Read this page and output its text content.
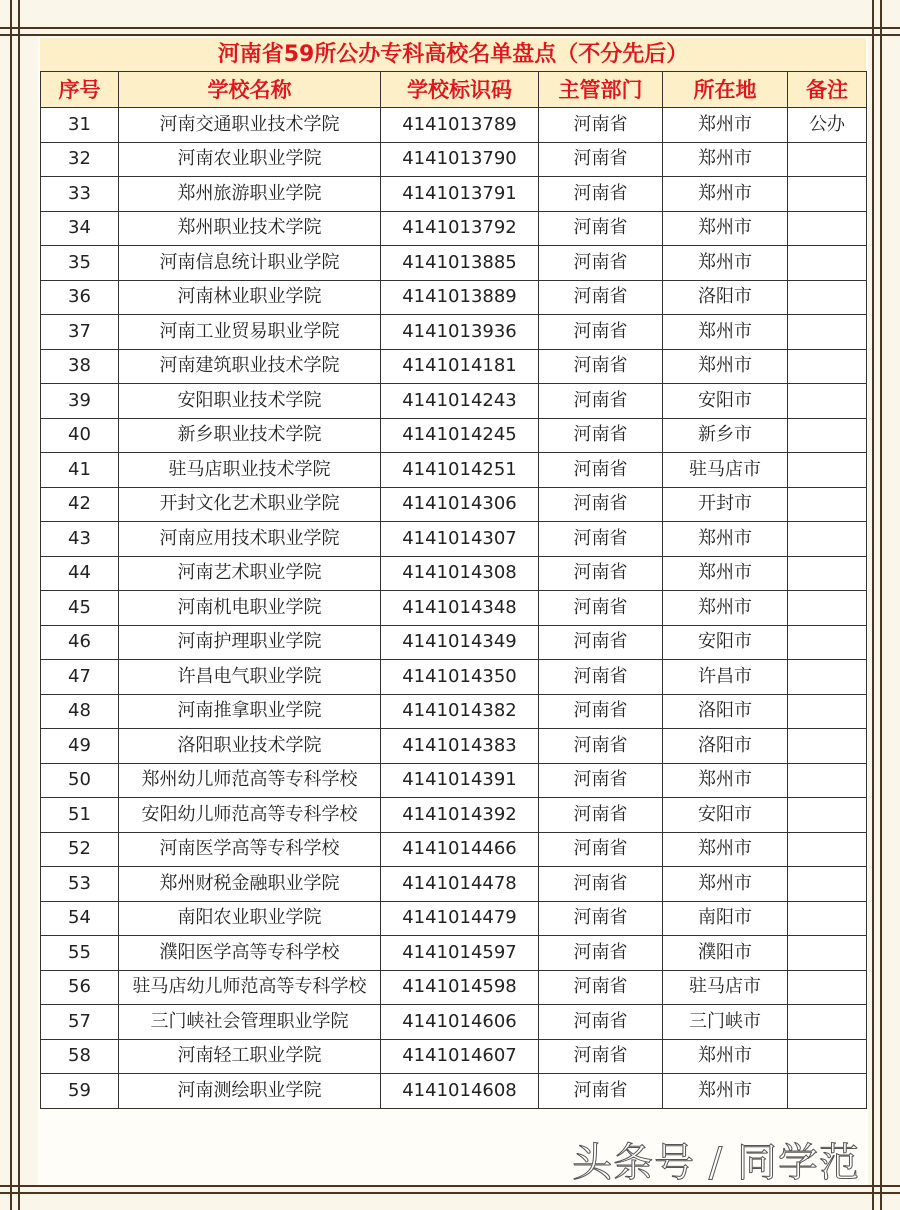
河南省59所公办专科高校名单盘点（不分先后）
序号	学校名称	学校标识码	主管部门	所在地	备注
31	河南交通职业技术学院	4141013789	河南省	郑州市	公办
32	河南农业职业学院	4141013790	河南省	郑州市	
33	郑州旅游职业学院	4141013791	河南省	郑州市	
34	郑州职业技术学院	4141013792	河南省	郑州市	
35	河南信息统计职业学院	4141013885	河南省	郑州市	
36	河南林业职业学院	4141013889	河南省	洛阳市	
37	河南工业贸易职业学院	4141013936	河南省	郑州市	
38	河南建筑职业技术学院	4141014181	河南省	郑州市	
39	安阳职业技术学院	4141014243	河南省	安阳市	
40	新乡职业技术学院	4141014245	河南省	新乡市	
41	驻马店职业技术学院	4141014251	河南省	驻马店市	
42	开封文化艺术职业学院	4141014306	河南省	开封市	
43	河南应用技术职业学院	4141014307	河南省	郑州市	
44	河南艺术职业学院	4141014308	河南省	郑州市	
45	河南机电职业学院	4141014348	河南省	郑州市	
46	河南护理职业学院	4141014349	河南省	安阳市	
47	许昌电气职业学院	4141014350	河南省	许昌市	
48	河南推拿职业学院	4141014382	河南省	洛阳市	
49	洛阳职业技术学院	4141014383	河南省	洛阳市	
50	郑州幼儿师范高等专科学校	4141014391	河南省	郑州市	
51	安阳幼儿师范高等专科学校	4141014392	河南省	安阳市	
52	河南医学高等专科学校	4141014466	河南省	郑州市	
53	郑州财税金融职业学院	4141014478	河南省	郑州市	
54	南阳农业职业学院	4141014479	河南省	南阳市	
55	濮阳医学高等专科学校	4141014597	河南省	濮阳市	
56	驻马店幼儿师范高等专科学校	4141014598	河南省	驻马店市	
57	三门峡社会管理职业学院	4141014606	河南省	三门峡市	
58	河南轻工职业学院	4141014607	河南省	郑州市	
59	河南测绘职业学院	4141014608	河南省	郑州市	
头条号 / 同学范
